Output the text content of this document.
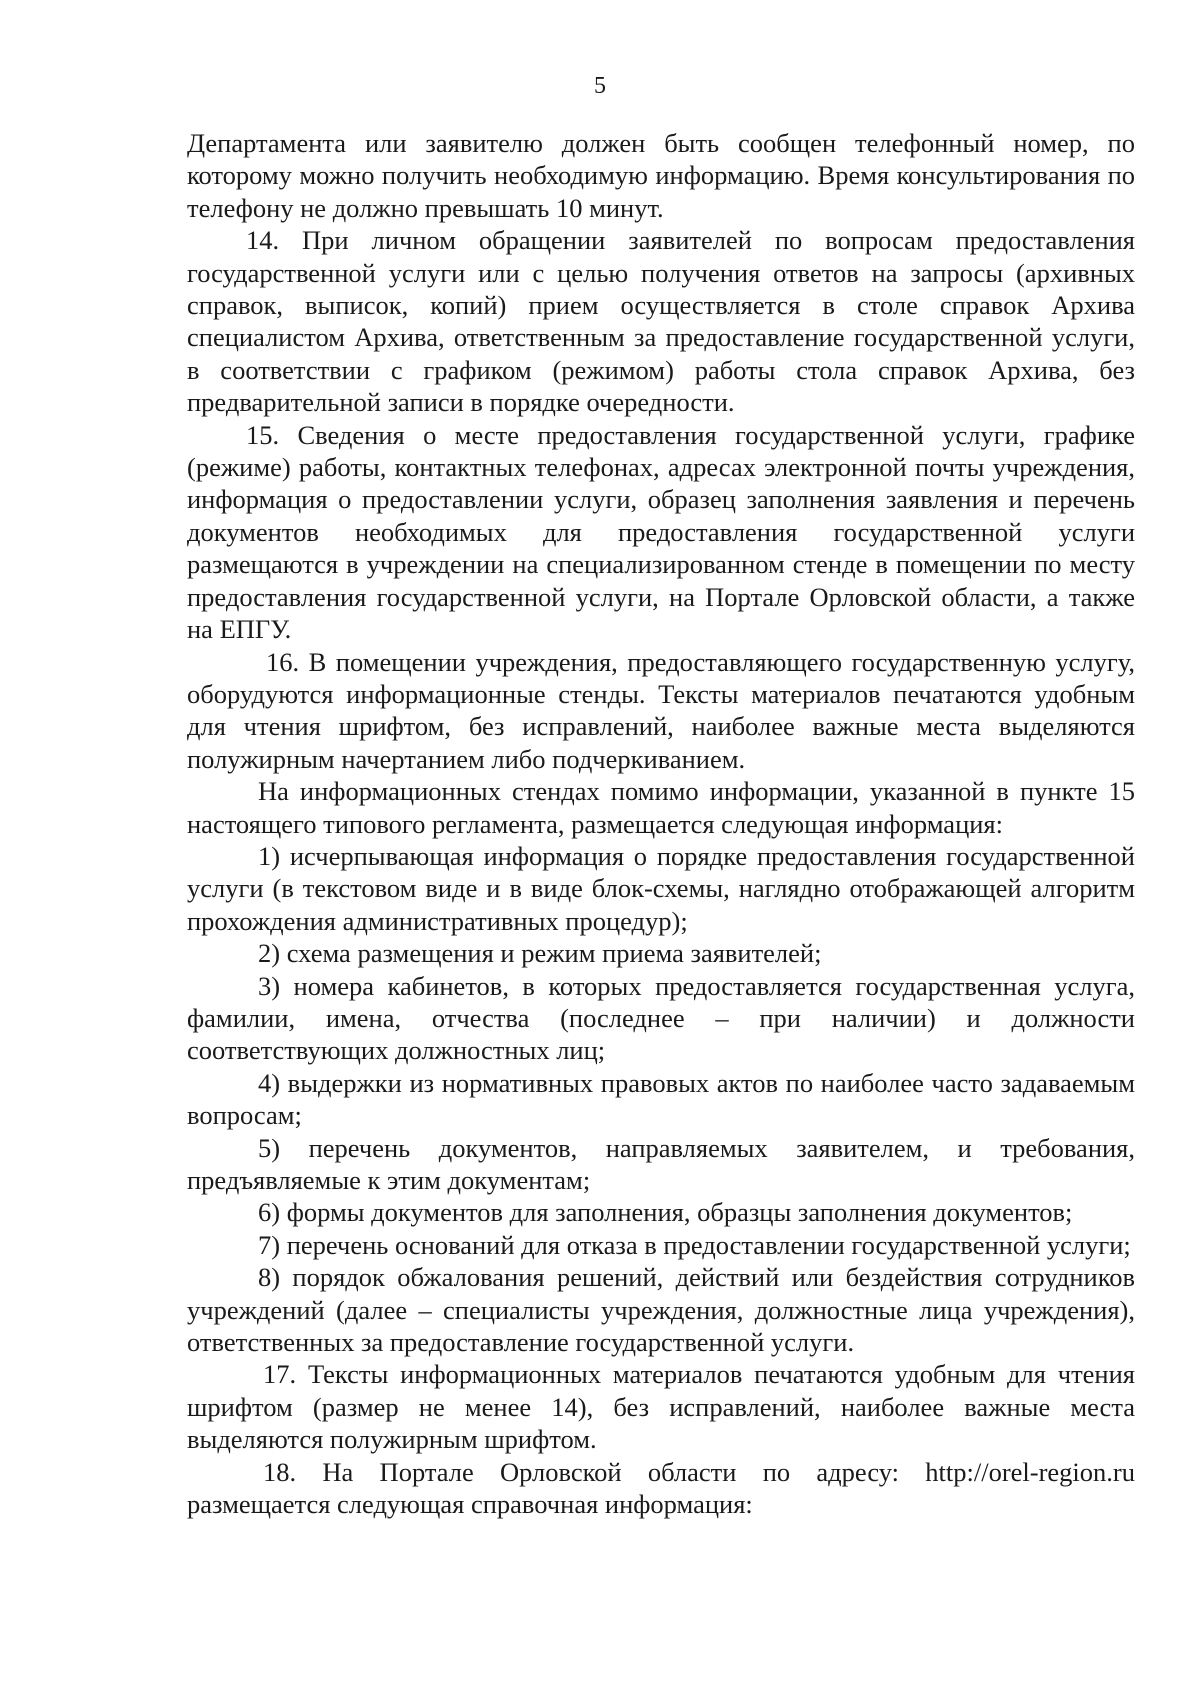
5

Департамента или заявителю должен быть сообщен телефонный номер, по которому можно получить необходимую информацию. Время консультирования по телефону не должно превышать 10 минут.

14. При личном обращении заявителей по вопросам предоставления государственной услуги или с целью получения ответов на запросы (архивных справок, выписок, копий) прием осуществляется в столе справок Архива специалистом Архива, ответственным за предоставление государственной услуги, в соответствии с графиком (режимом) работы стола справок Архива, без предварительной записи в порядке очередности.

15. Сведения о месте предоставления государственной услуги, графике (режиме) работы, контактных телефонах, адресах электронной почты учреждения, информация о предоставлении услуги, образец заполнения заявления и перечень документов необходимых для предоставления государственной услуги размещаются в учреждении на специализированном стенде в помещении по месту предоставления государственной услуги, на Портале Орловской области, а также на ЕПГУ.

16. В помещении учреждения, предоставляющего государственную услугу, оборудуются информационные стенды. Тексты материалов печатаются удобным для чтения шрифтом, без исправлений, наиболее важные места выделяются полужирным начертанием либо подчеркиванием.

На информационных стендах помимо информации, указанной в пункте 15 настоящего типового регламента, размещается следующая информация:

1) исчерпывающая информация о порядке предоставления государственной услуги (в текстовом виде и в виде блок-схемы, наглядно отображающей алгоритм прохождения административных процедур);

2) схема размещения и режим приема заявителей;

3) номера кабинетов, в которых предоставляется государственная услуга, фамилии, имена, отчества (последнее – при наличии) и должности соответствующих должностных лиц;

4) выдержки из нормативных правовых актов по наиболее часто задаваемым вопросам;

5) перечень документов, направляемых заявителем, и требования, предъявляемые к этим документам;

6) формы документов для заполнения, образцы заполнения документов;

7) перечень оснований для отказа в предоставлении государственной услуги;

8) порядок обжалования решений, действий или бездействия сотрудников учреждений (далее – специалисты учреждения, должностные лица учреждения), ответственных за предоставление государственной услуги.

17. Тексты информационных материалов печатаются удобным для чтения шрифтом (размер не менее 14), без исправлений, наиболее важные места выделяются полужирным шрифтом.

18. На Портале Орловской области по адресу: http://orel-region.ru размещается следующая справочная информация:
